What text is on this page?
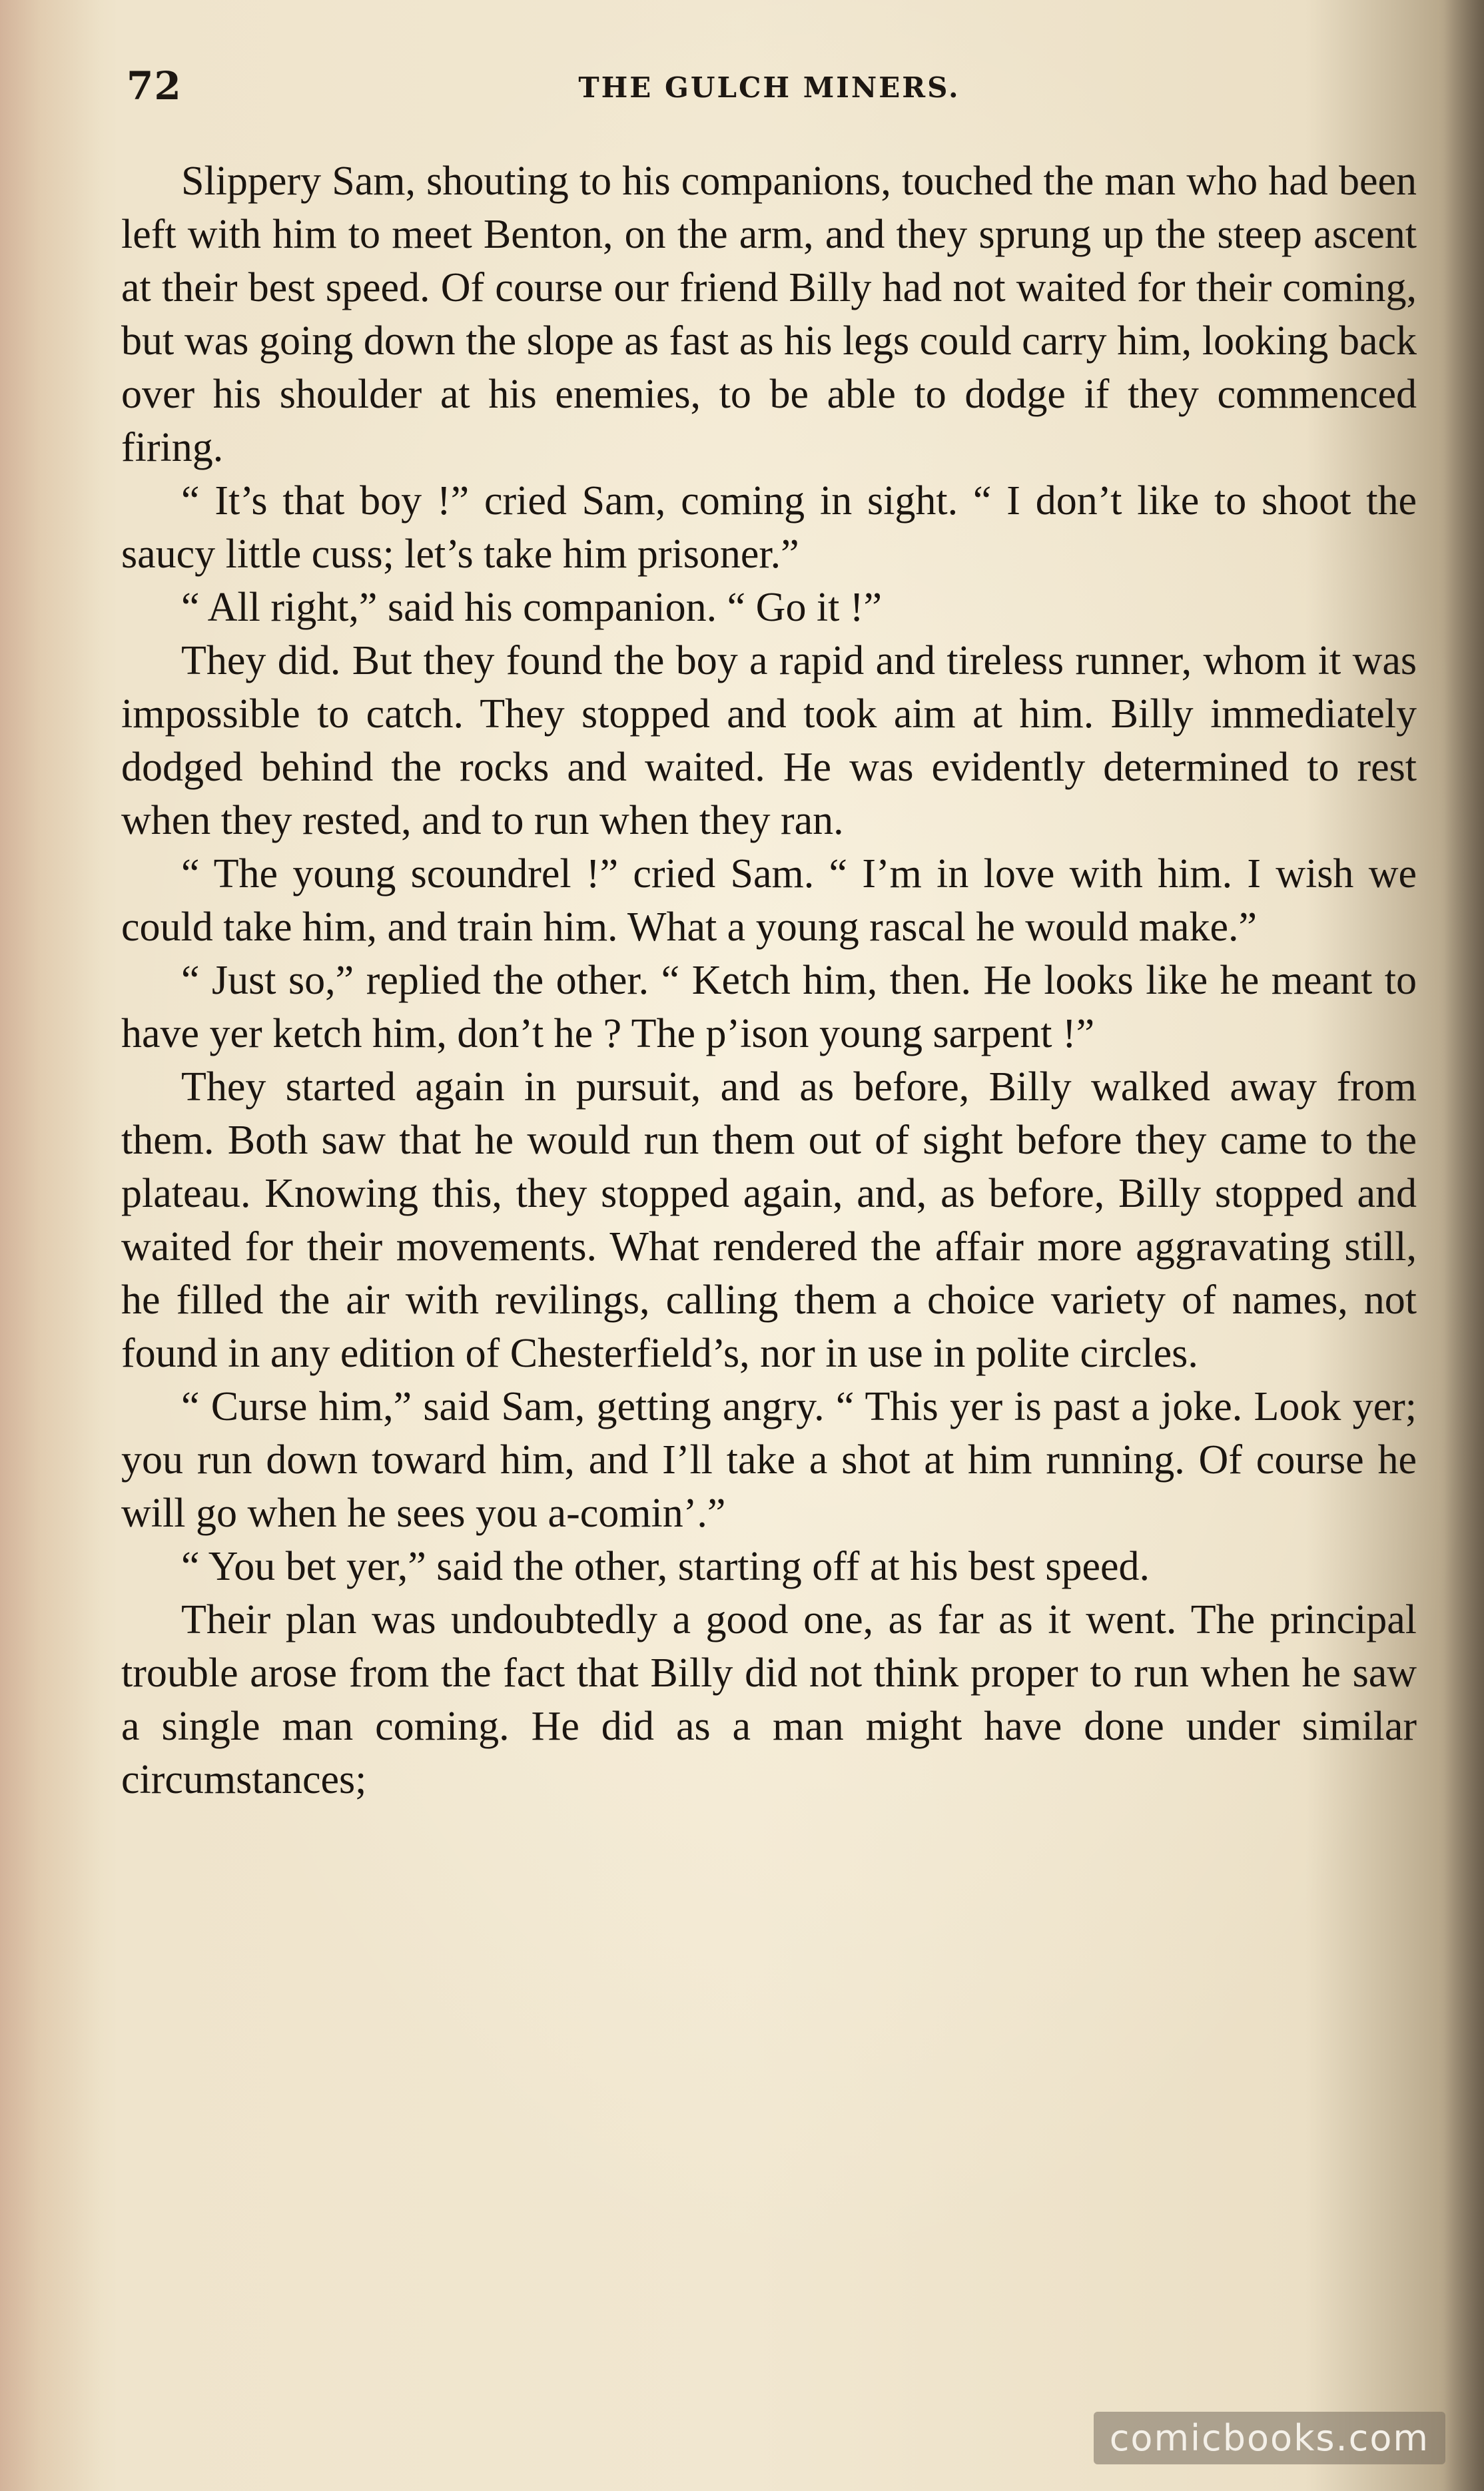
72	THE GULCH MINERS.

Slippery Sam, shouting to his companions, touched the man who had been left with him to meet Benton, on the arm, and they sprung up the steep ascent at their best speed. Of course our friend Billy had not waited for their coming, but was going down the slope as fast as his legs could carry him, looking back over his shoulder at his enemies, to be able to dodge if they commenced firing.

“ It’s that boy !” cried Sam, coming in sight. “ I don’t like to shoot the saucy little cuss; let’s take him prisoner.”

“ All right,” said his companion. “ Go it !”

They did. But they found the boy a rapid and tireless runner, whom it was impossible to catch. They stopped and took aim at him. Billy immediately dodged behind the rocks and waited. He was evidently determined to rest when they rested, and to run when they ran.

“ The young scoundrel !” cried Sam. “ I’m in love with him. I wish we could take him, and train him. What a young rascal he would make.”

“ Just so,” replied the other. “ Ketch him, then. He looks like he meant to have yer ketch him, don’t he ? The p’ison young sarpent !”

They started again in pursuit, and as before, Billy walked away from them. Both saw that he would run them out of sight before they came to the plateau. Knowing this, they stopped again, and, as before, Billy stopped and waited for their movements. What rendered the affair more aggravating still, he filled the air with revilings, calling them a choice variety of names, not found in any edition of Chesterfield’s, nor in use in polite circles.

“ Curse him,” said Sam, getting angry. “ This yer is past a joke. Look yer; you run down toward him, and I’ll take a shot at him running. Of course he will go when he sees you a-comin’.”

“ You bet yer,” said the other, starting off at his best speed.

Their plan was undoubtedly a good one, as far as it went. The principal trouble arose from the fact that Billy did not think proper to run when he saw a single man coming. He did as a man might have done under similar circumstances;

comicbooks.com
